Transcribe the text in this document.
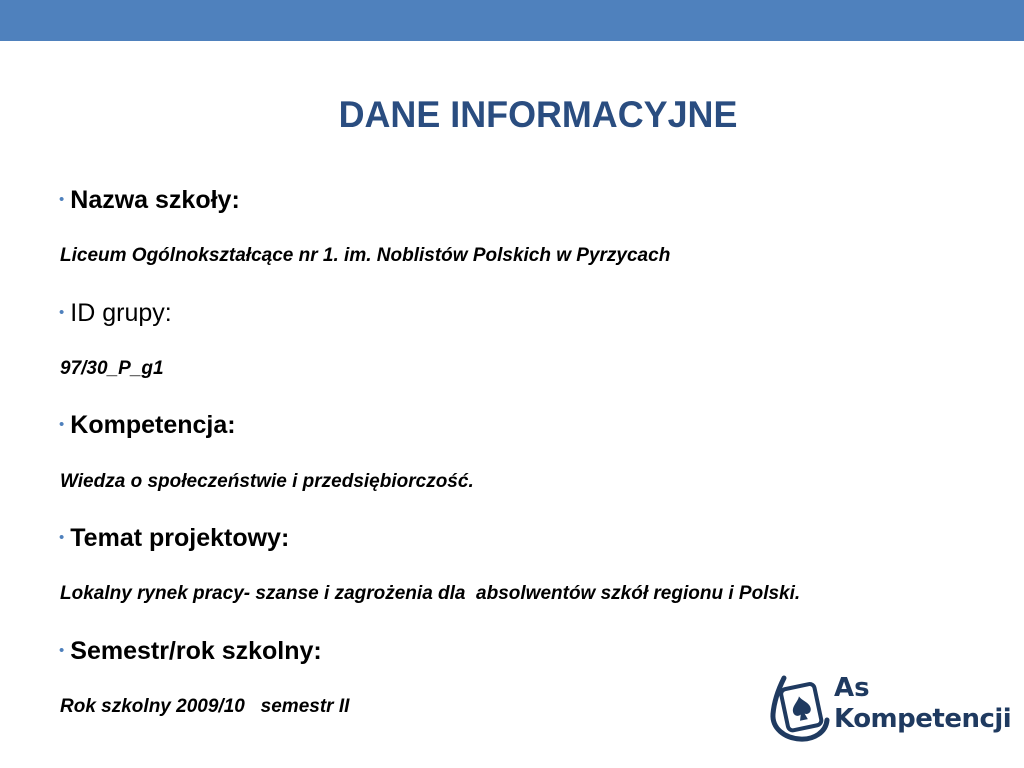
DANE INFORMACYJNE
• Nazwa szkoły:
Liceum Ogólnokształcące nr 1. im. Noblistów Polskich w Pyrzycach
• ID grupy:
97/30_P_g1
• Kompetencja:
Wiedza o społeczeństwie i przedsiębiorczość.
• Temat projektowy:
Lokalny rynek pracy- szanse i zagrożenia dla  absolwentów szkół regionu i Polski.
• Semestr/rok szkolny:
Rok szkolny 2009/10   semestr II
As
Kompetencji
